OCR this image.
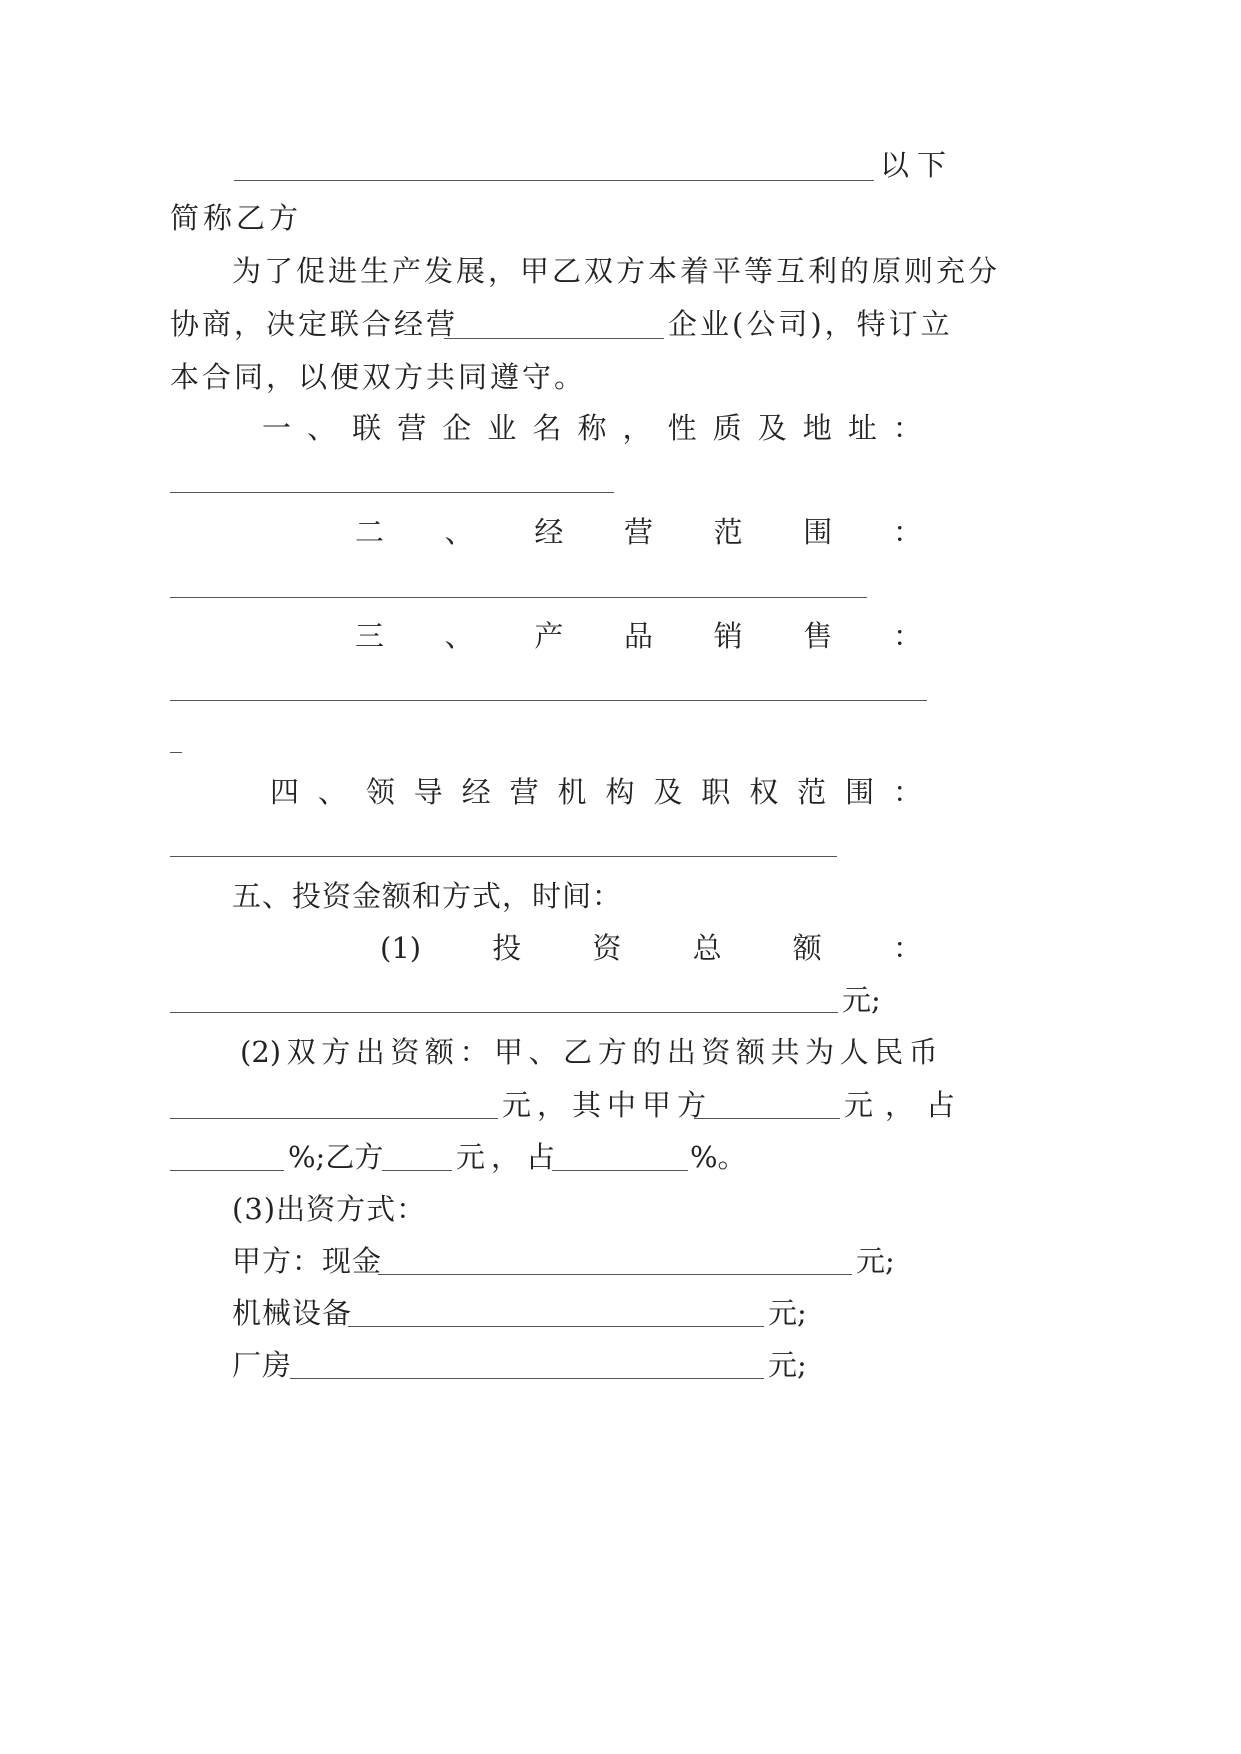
以下
简称乙方
为了促进生产发展，甲乙双方本着平等互利的原则充分
协商，决定联合经营	企业(公司)，特订立
本合同，以便双方共同遵守。
一 、 联 营 企 业 名 称 ， 性 质 及 地 址 ：
二 、 经 营 范 围 ：
三 、 产 品 销 售 ：
四 、 领 导 经 营 机 构 及 职 权 范 围 ：
五、投资金额和方式，时间：
(1) 投 资 总 额 ：
元;
(2) 双 方 出 资 额 ： 甲 、 乙 方 的 出 资 额 共 为 人 民 币
元，其中甲方	元，占
%;乙方	元，占	%。
(3)出资方式：
甲方：现金	元;
机械设备	元;
厂房	元;
